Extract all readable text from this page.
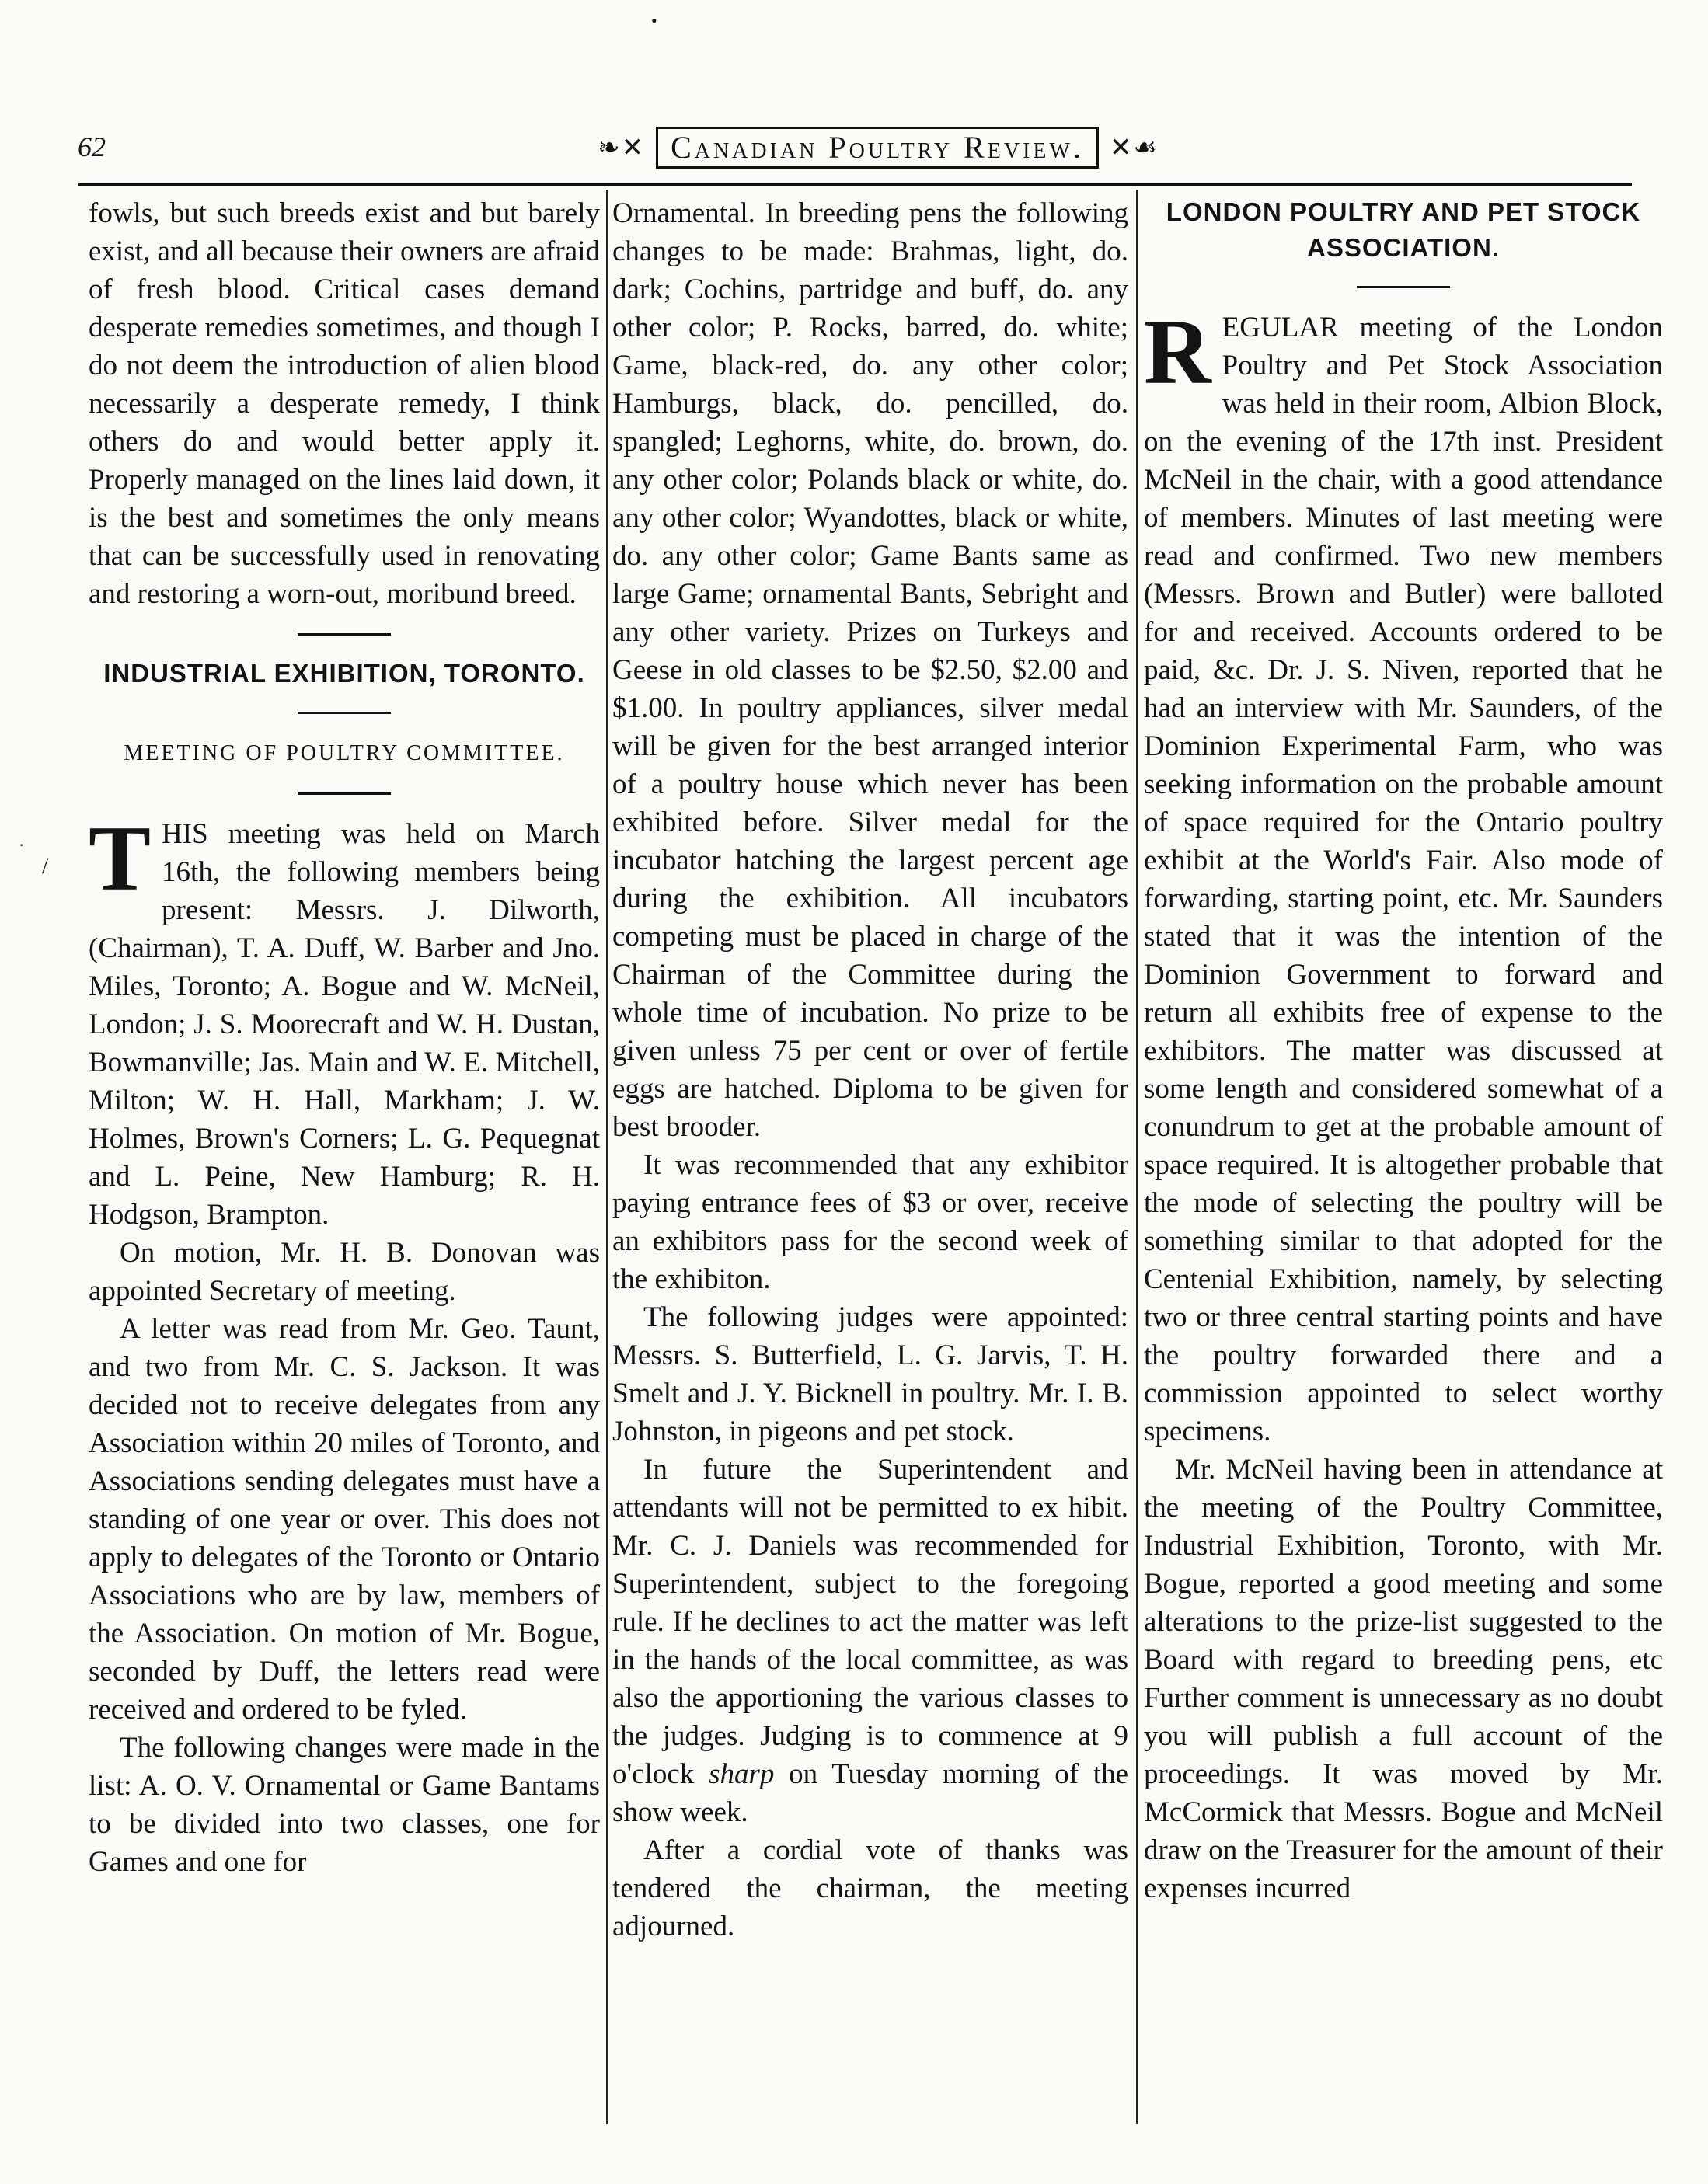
•
·
/
62	❧✕ Canadian Poultry Review. ✕☙

fowls, but such breeds exist and but barely exist, and all because their owners are afraid of fresh blood. Critical cases demand desperate remedies sometimes, and though I do not deem the introduction of alien blood necessarily a desperate remedy, I think others do and would better apply it. Properly managed on the lines laid down, it is the best and sometimes the only means that can be successfully used in renovating and restoring a worn-out, moribund breed.

INDUSTRIAL EXHIBITION, TORONTO.
MEETING OF POULTRY COMMITTEE.

THIS meeting was held on March 16th, the following members being present: Messrs. J. Dilworth, (Chairman), T. A. Duff, W. Barber and Jno. Miles, Toronto; A. Bogue and W. McNeil, London; J. S. Moorecraft and W. H. Dustan, Bowmanville; Jas. Main and W. E. Mitchell, Milton; W. H. Hall, Markham; J. W. Holmes, Brown's Corners; L. G. Pequegnat and L. Peine, New Hamburg; R. H. Hodgson, Brampton.

On motion, Mr. H. B. Donovan was appointed Secretary of meeting.

A letter was read from Mr. Geo. Taunt, and two from Mr. C. S. Jackson. It was decided not to receive delegates from any Association within 20 miles of Toronto, and Associations sending delegates must have a standing of one year or over. This does not apply to delegates of the Toronto or Ontario Associations who are by law, members of the Association. On motion of Mr. Bogue, seconded by Duff, the letters read were received and ordered to be fyled.

The following changes were made in the list: A. O. V. Ornamental or Game Bantams to be divided into two classes, one for Games and one for

Ornamental. In breeding pens the following changes to be made: Brahmas, light, do. dark; Cochins, partridge and buff, do. any other color; P. Rocks, barred, do. white; Game, black-red, do. any other color; Hamburgs, black, do. pencilled, do. spangled; Leghorns, white, do. brown, do. any other color; Polands black or white, do. any other color; Wyandottes, black or white, do. any other color; Game Bants same as large Game; ornamental Bants, Sebright and any other variety. Prizes on Turkeys and Geese in old classes to be $2.50, $2.00 and $1.00. In poultry appliances, silver medal will be given for the best arranged interior of a poultry house which never has been exhibited before. Silver medal for the incubator hatching the largest percent age during the exhibition. All incubators competing must be placed in charge of the Chairman of the Committee during the whole time of incubation. No prize to be given unless 75 per cent or over of fertile eggs are hatched. Diploma to be given for best brooder.

It was recommended that any exhibitor paying entrance fees of $3 or over, receive an exhibitors pass for the second week of the exhibiton.

The following judges were appointed: Messrs. S. Butterfield, L. G. Jarvis, T. H. Smelt and J. Y. Bicknell in poultry. Mr. I. B. Johnston, in pigeons and pet stock.

In future the Superintendent and attendants will not be permitted to ex hibit. Mr. C. J. Daniels was recommended for Superintendent, subject to the foregoing rule. If he declines to act the matter was left in the hands of the local committee, as was also the apportioning the various classes to the judges. Judging is to commence at 9 o'clock sharp on Tuesday morning of the show week.

After a cordial vote of thanks was tendered the chairman, the meeting adjourned.

LONDON POULTRY AND PET STOCK ASSOCIATION.

REGULAR meeting of the London Poultry and Pet Stock Association was held in their room, Albion Block, on the evening of the 17th inst. President McNeil in the chair, with a good attendance of members. Minutes of last meeting were read and confirmed. Two new members (Messrs. Brown and Butler) were balloted for and received. Accounts ordered to be paid, &c. Dr. J. S. Niven, reported that he had an interview with Mr. Saunders, of the Dominion Experimental Farm, who was seeking information on the probable amount of space required for the Ontario poultry exhibit at the World's Fair. Also mode of forwarding, starting point, etc. Mr. Saunders stated that it was the intention of the Dominion Government to forward and return all exhibits free of expense to the exhibitors. The matter was discussed at some length and considered somewhat of a conundrum to get at the probable amount of space required. It is altogether probable that the mode of selecting the poultry will be something similar to that adopted for the Centenial Exhibition, namely, by selecting two or three central starting points and have the poultry forwarded there and a commission appointed to select worthy specimens.

Mr. McNeil having been in attendance at the meeting of the Poultry Committee, Industrial Exhibition, Toronto, with Mr. Bogue, reported a good meeting and some alterations to the prize-list suggested to the Board with regard to breeding pens, etc Further comment is unnecessary as no doubt you will publish a full account of the proceedings. It was moved by Mr. McCormick that Messrs. Bogue and McNeil draw on the Treasurer for the amount of their expenses incurred
